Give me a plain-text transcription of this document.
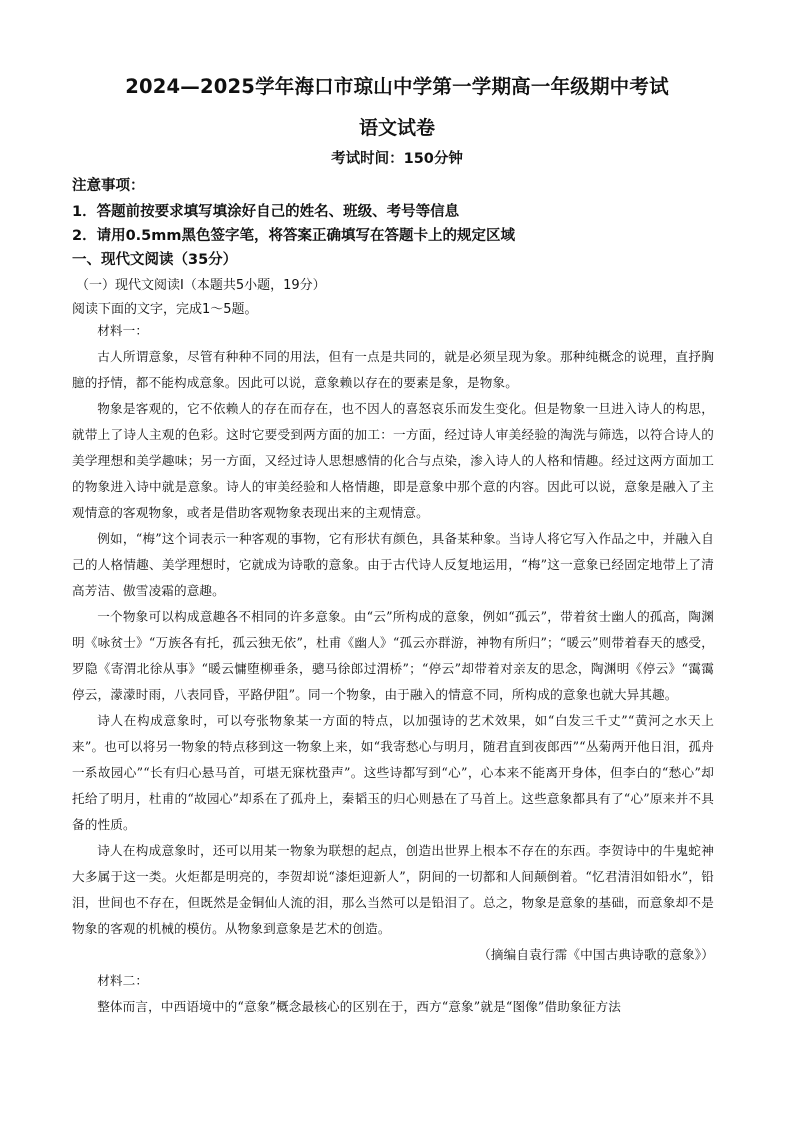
2024—2025学年海口市琼山中学第一学期高一年级期中考试
语文试卷
考试时间：150分钟
注意事项：
1．答题前按要求填写填涂好自己的姓名、班级、考号等信息
2．请用0.5mm黑色签字笔，将答案正确填写在答题卡上的规定区域
一、现代文阅读（35分）
（一）现代文阅读Ⅰ（本题共5小题，19分）
阅读下面的文字，完成1～5题。

材料一：

古人所谓意象，尽管有种种不同的用法，但有一点是共同的，就是必须呈现为象。那种纯概念的说理，直抒胸臆的抒情，都不能构成意象。因此可以说，意象赖以存在的要素是象，是物象。

物象是客观的，它不依赖人的存在而存在，也不因人的喜怒哀乐而发生变化。但是物象一旦进入诗人的构思，就带上了诗人主观的色彩。这时它要受到两方面的加工：一方面，经过诗人审美经验的淘洗与筛选，以符合诗人的美学理想和美学趣味；另一方面，又经过诗人思想感情的化合与点染，渗入诗人的人格和情趣。经过这两方面加工的物象进入诗中就是意象。诗人的审美经验和人格情趣，即是意象中那个意的内容。因此可以说，意象是融入了主观情意的客观物象，或者是借助客观物象表现出来的主观情意。

例如，“梅”这个词表示一种客观的事物，它有形状有颜色，具备某种象。当诗人将它写入作品之中，并融入自己的人格情趣、美学理想时，它就成为诗歌的意象。由于古代诗人反复地运用，“梅”这一意象已经固定地带上了清高芳洁、傲雪凌霜的意趣。

一个物象可以构成意趣各不相同的许多意象。由“云”所构成的意象，例如“孤云”，带着贫士幽人的孤高，陶渊明《咏贫士》“万族各有托，孤云独无依”，杜甫《幽人》“孤云亦群游，神物有所归”；“暖云”则带着春天的感受，罗隐《寄渭北徐从事》“暖云慵堕柳垂条，骢马徐郎过渭桥”；“停云”却带着对亲友的思念，陶渊明《停云》“霭霭停云，濛濛时雨，八表同昏，平路伊阻”。同一个物象，由于融入的情意不同，所构成的意象也就大异其趣。

诗人在构成意象时，可以夸张物象某一方面的特点，以加强诗的艺术效果，如“白发三千丈”“黄河之水天上来”。也可以将另一物象的特点移到这一物象上来，如“我寄愁心与明月，随君直到夜郎西”“丛菊两开他日泪，孤舟一系故园心”“长有归心悬马首，可堪无寐枕蛩声”。这些诗都写到“心”，心本来不能离开身体，但李白的“愁心”却托给了明月，杜甫的“故园心”却系在了孤舟上，秦韬玉的归心则悬在了马首上。这些意象都具有了“心”原来并不具备的性质。

诗人在构成意象时，还可以用某一物象为联想的起点，创造出世界上根本不存在的东西。李贺诗中的牛鬼蛇神大多属于这一类。火炬都是明亮的，李贺却说“漆炬迎新人”，阴间的一切都和人间颠倒着。“忆君清泪如铅水”，铅泪，世间也不存在，但既然是金铜仙人流的泪，那么当然可以是铅泪了。总之，物象是意象的基础，而意象却不是物象的客观的机械的模仿。从物象到意象是艺术的创造。

（摘编自袁行霈《中国古典诗歌的意象》）

材料二：

整体而言，中西语境中的“意象”概念最核心的区别在于，西方“意象”就是“图像”借助象征方法
